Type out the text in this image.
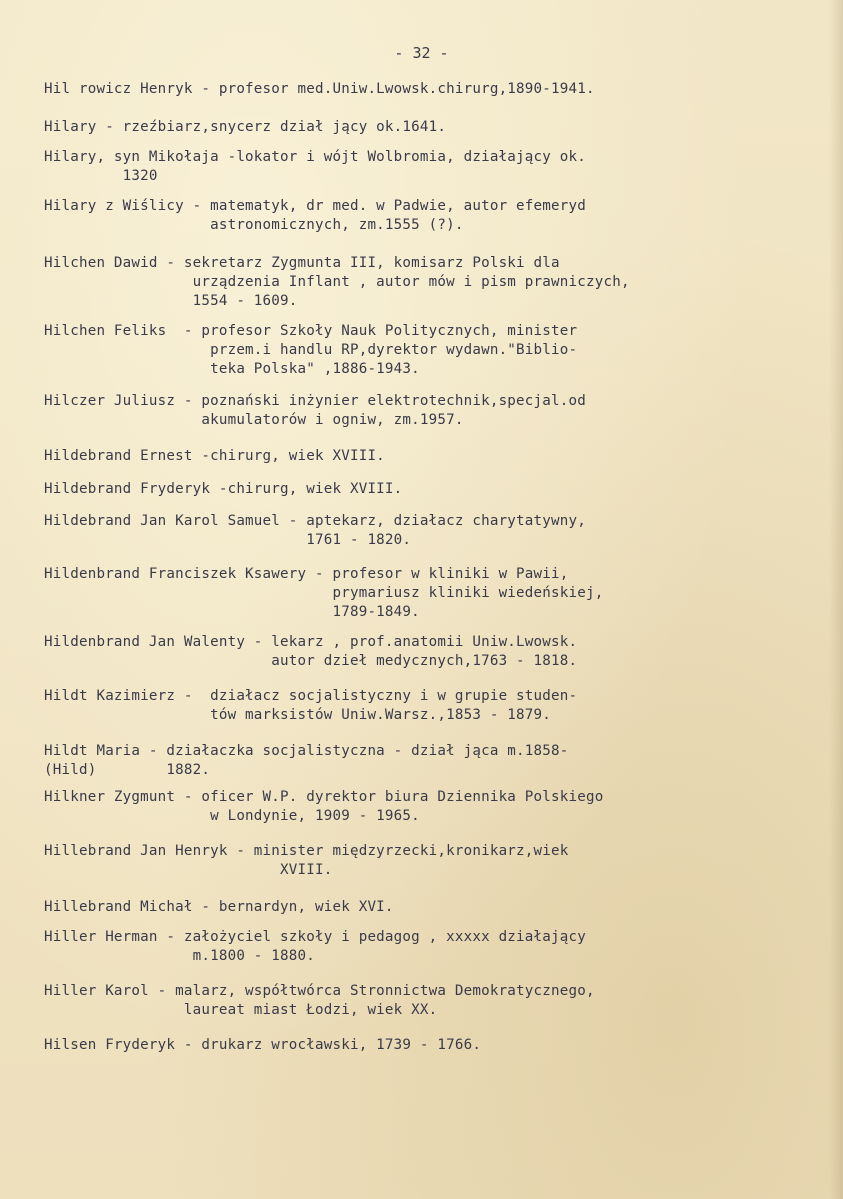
- 32 -
Hil rowicz Henryk - profesor med.Uniw.Lwowsk.chirurg,1890-1941.
Hilary - rzeźbiarz,snycerz dział jący ok.1641.
Hilary, syn Mikołaja -lokator i wójt Wolbromia, działający ok.
1320
Hilary z Wiślicy - matematyk, dr med. w Padwie, autor efemeryd
astronomicznych, zm.1555 (?).
Hilchen Dawid - sekretarz Zygmunta III, komisarz Polski dla
urządzenia Inflant , autor mów i pism prawniczych,
1554 - 1609.
Hilchen Feliks  - profesor Szkoły Nauk Politycznych, minister
przem.i handlu RP,dyrektor wydawn."Biblio-
teka Polska" ,1886-1943.
Hilczer Juliusz - poznański inżynier elektrotechnik,specjal.od
akumulatorów i ogniw, zm.1957.
Hildebrand Ernest -chirurg, wiek XVIII.
Hildebrand Fryderyk -chirurg, wiek XVIII.
Hildebrand Jan Karol Samuel - aptekarz, działacz charytatywny,
1761 - 1820.
Hildenbrand Franciszek Ksawery - profesor w kliniki w Pawii,
prymariusz kliniki wiedeńskiej,
1789-1849.
Hildenbrand Jan Walenty - lekarz , prof.anatomii Uniw.Lwowsk.
autor dzieł medycznych,1763 - 1818.
Hildt Kazimierz -  działacz socjalistyczny i w grupie studen-
tów marksistów Uniw.Warsz.,1853 - 1879.
Hildt Maria - działaczka socjalistyczna - dział jąca m.1858-
(Hild)        1882.
Hilkner Zygmunt - oficer W.P. dyrektor biura Dziennika Polskiego
w Londynie, 1909 - 1965.
Hillebrand Jan Henryk - minister międzyrzecki,kronikarz,wiek
XVIII.
Hillebrand Michał - bernardyn, wiek XVI.
Hiller Herman - założyciel szkoły i pedagog , xxxxx działający
m.1800 - 1880.
Hiller Karol - malarz, współtwórca Stronnictwa Demokratycznego,
laureat miast Łodzi, wiek XX.
Hilsen Fryderyk - drukarz wrocławski, 1739 - 1766.
